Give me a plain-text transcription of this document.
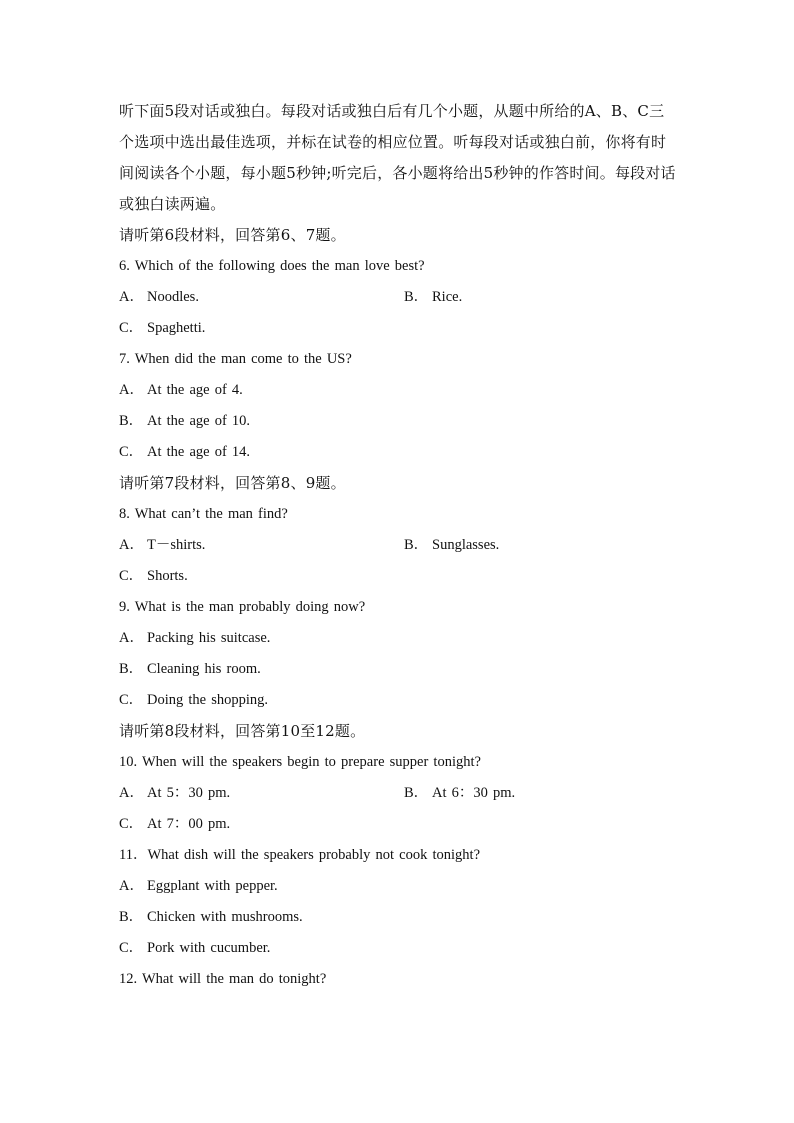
听下面5段对话或独白。每段对话或独白后有几个小题，从题中所给的A、B、C三个选项中选出最佳选项，并标在试卷的相应位置。听每段对话或独白前，你将有时间阅读各个小题，每小题5秒钟;听完后，各小题将给出5秒钟的作答时间。每段对话或独白读两遍。

请听第6段材料，回答第6、7题。

6. Which of the following does the man love best?

A． Noodles.	B． Rice.
C． Spaghetti.

7. When did the man come to the US?

A． At the age of 4.
B． At the age of 10.
C． At the age of 14.

请听第7段材料，回答第8、9题。

8. What can’t the man find?

A． T－shirts.	B． Sunglasses.
C． Shorts.

9. What is the man probably doing now?

A． Packing his suitcase.
B． Cleaning his room.
C． Doing the shopping.

请听第8段材料，回答第10至12题。

10. When will the speakers begin to prepare supper tonight?

A． At 5：30 pm.	B． At 6：30 pm.
C． At 7：00 pm.

11．What dish will the speakers probably not cook tonight?

A． Eggplant with pepper.
B． Chicken with mushrooms.
C． Pork with cucumber.

12. What will the man do tonight?
